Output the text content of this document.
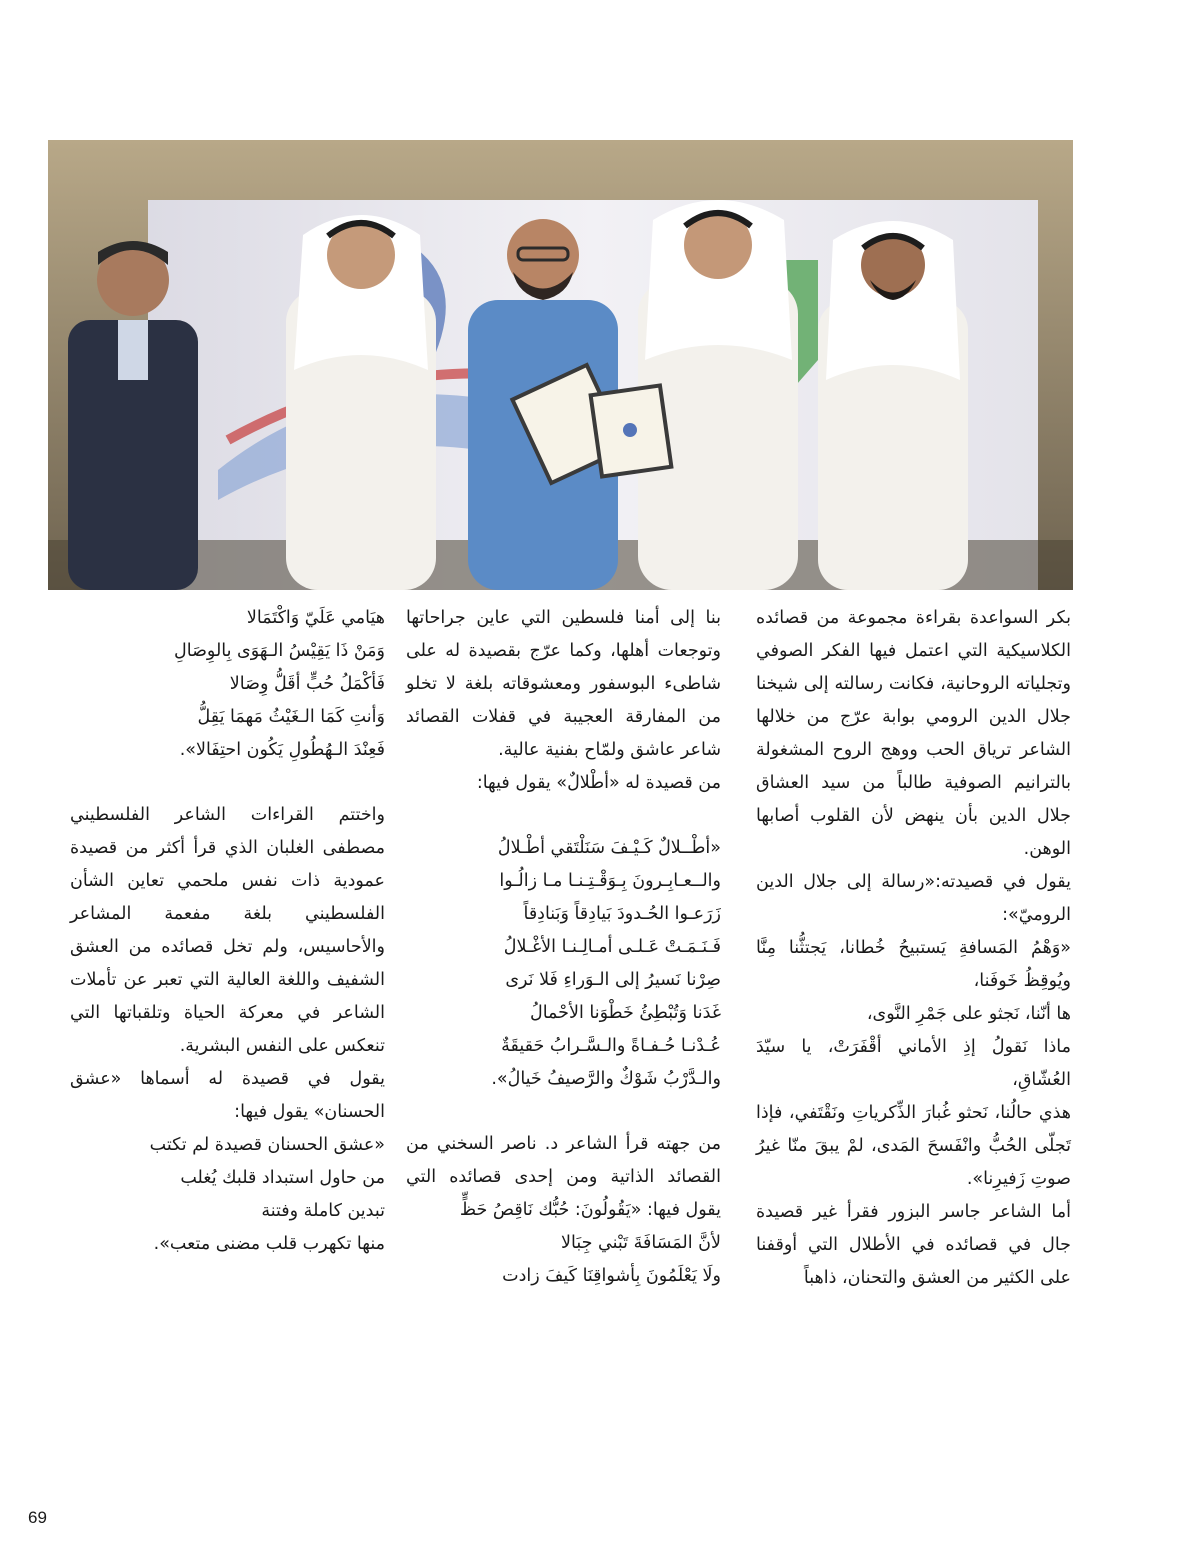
بكر السواعدة بقراءة مجموعة من قصائده الكلاسيكية التي اعتمل فيها الفكر الصوفي وتجلياته الروحانية، فكانت رسالته إلى شيخنا جلال الدين الرومي بوابة عرّج من خلالها الشاعر ترياق الحب ووهج الروح المشغولة بالترانيم الصوفية طالباً من سيد العشاق جلال الدين بأن ينهض لأن القلوب أصابها الوهن.

يقول في قصيدته:«رسالة إلى جلال الدين الروميّ»:

«وَهْمُ المَسافةِ يَستبيحُ خُطانا، يَجتثُّنا مِنَّا ويُوقِظُ خَوفَنا،

ها أنّنا، نَجثو على جَمْرِ النَّوى،

ماذا نَقولُ إذِ الأماني أقْفَرَتْ، يا سيّدَ العُشّاقِ،

هذي حالُنا، نَحثو غُبارَ الذِّكرياتِ ونَقْتَفي، فإذا تَجلّى الحُبُّ وانْفَسحَ المَدى، لمْ يبقَ منّا غيرُ صوتِ زَفيرِنا».

أما الشاعر جاسر البزور فقرأ غير قصيدة جال في قصائده في الأطلال التي أوقفنا على الكثير من العشق والتحنان، ذاهباً

بنا إلى أمنا فلسطين التي عاين جراحاتها وتوجعات أهلها، وكما عرّج بقصيدة له على شاطىء البوسفور ومعشوقاته بلغة لا تخلو من المفارقة العجيبة في قفلات القصائد شاعر عاشق ولمّاح بفنية عالية.

من قصيدة له «أطْلالٌ» يقول فيها:

«أطْــلالٌ كَـيْـفَ سَنَلْتَقي أطْـلالُ

والــعـابِـرونَ بِـوَقْـتِـنـا مـا زالُـوا

زَرَعـوا الحُـدودَ بَيادِقاً وَبَنادِقاً

فَـنَـمَـتْ عَـلـى أمـالِـنـا الأغْـلالُ

صِرْنا نَسيرُ إلى الـوَراءِ فَلا نَرى

غَدَنا وَتُبْطِئُ خَطْوَنا الأحْمالُ

عُـدْنـا حُـفـاةً والـسَّـرابُ حَقيقَةٌ

والـدَّرْبُ شَوْكٌ والرَّصيفُ خَيالُ».

من جهته قرأ الشاعر د. ناصر السخني من القصائد الذاتية ومن إحدى قصائده التي يقول فيها: «يَقُولُونَ: حُبُّك نَاقِصُ حَظٍّ

لأنَّ المَسَافَةَ تَبْني جِبَالا

ولَا يَعْلَمُونَ بِأشواقِنَا كَيفَ زادت

هيَامي عَلَيّ وَاكْتَمَالا

وَمَنْ ذَا يَقِيْسُ الـهَوَى بِالوِصَالِ

فَأكْمَلُ حُبٍّ أقَلُّ وِصَالا

وَأنتِ كَمَا الـغَيْثُ مَهمَا يَقِلُّ

فَعِنْدَ الـهُطُولِ يَكُون احتِفَالا».

واختتم القراءات الشاعر الفلسطيني مصطفى الغلبان الذي قرأ أكثر من قصيدة عمودية ذات نفس ملحمي تعاين الشأن الفلسطيني بلغة مفعمة المشاعر والأحاسيس، ولم تخل قصائده من العشق الشفيف واللغة العالية التي تعبر عن تأملات الشاعر في معركة الحياة وتلقباتها التي تنعكس على النفس البشرية.

يقول في قصيدة له أسماها «عشق الحسنان» يقول فيها:

«عشق الحسنان قصيدة لم تكتب

من حاول استبداد قلبك يُغلب

تبدين كاملة وفتنة

منها تكهرب قلب مضنى متعب».

69
